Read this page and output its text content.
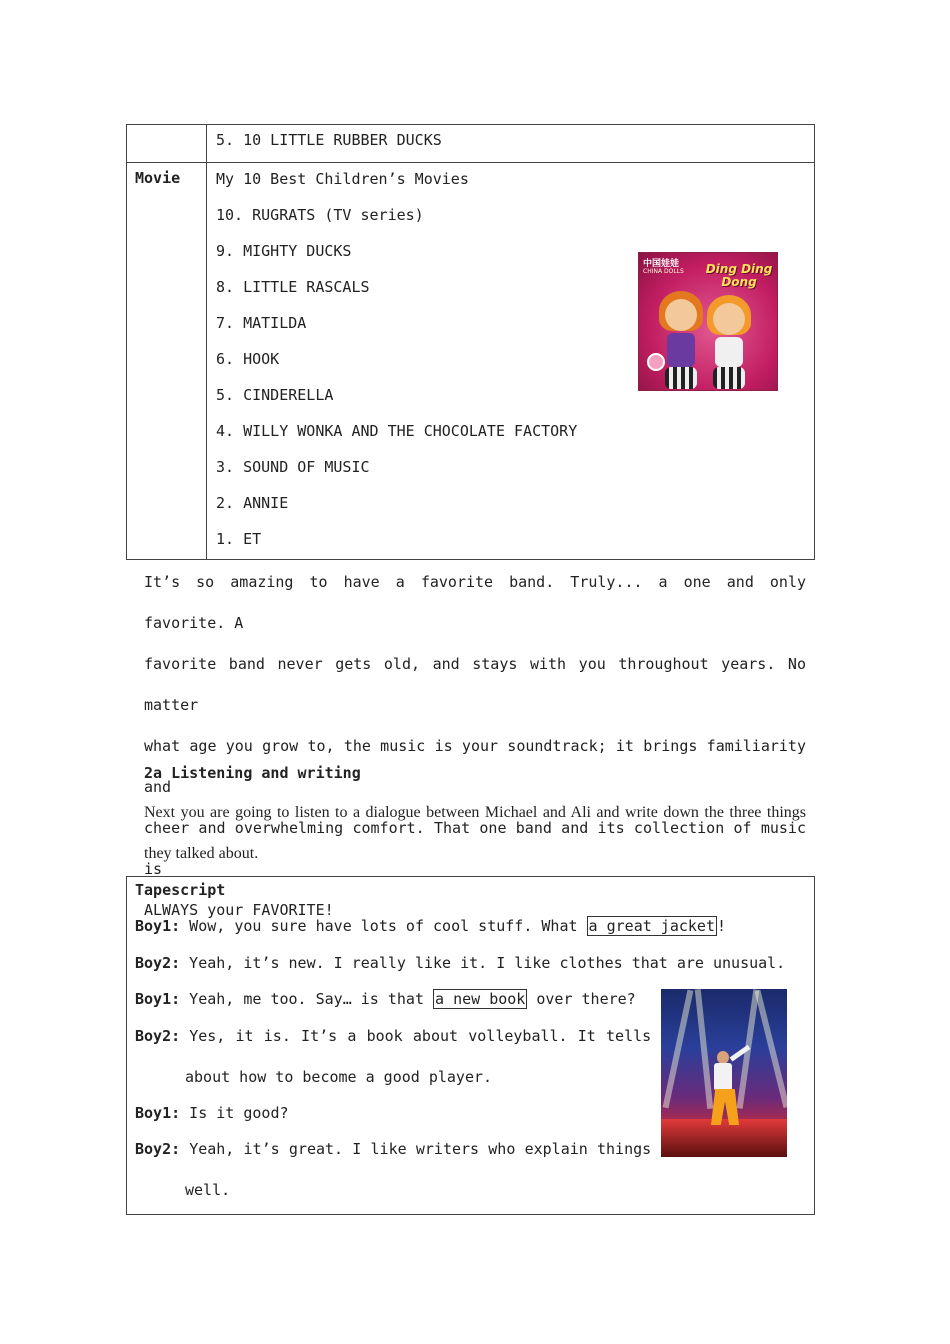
5. 10 LITTLE RUBBER DUCKS
Movie My 10 Best Children’s Movies
10. RUGRATS (TV series)
9. MIGHTY DUCKS
8. LITTLE RASCALS
7. MATILDA
6. HOOK
5. CINDERELLA
4. WILLY WONKA AND THE CHOCOLATE FACTORY
3. SOUND OF MUSIC
2. ANNIE
1. ET
中国娃娃
CHINA DOLLS Ding Ding
Dong
It’s so amazing to have a favorite band. Truly... a one and only favorite. A
favorite band never gets old, and stays with you throughout years. No matter
what age you grow to, the music is your soundtrack; it brings familiarity and
cheer and overwhelming comfort. That one band and its collection of music is
ALWAYS your FAVORITE!
2a Listening and writing

Next you are going to listen to a dialogue between Michael and Ali and write down the three things they talked about.

Tapescript
Boy1: Wow, you sure have lots of cool stuff. What a great jacket !
Boy2: Yeah, it’s new. I really like it. I like clothes that are unusual.
Boy1: Yeah, me too. Say… is that a new book over there?
Boy2: Yes, it is. It’s a book about volleyball. It tells
about how to become a good player.
Boy1: Is it good?
Boy2: Yeah, it’s great. I like writers who explain things
well.
